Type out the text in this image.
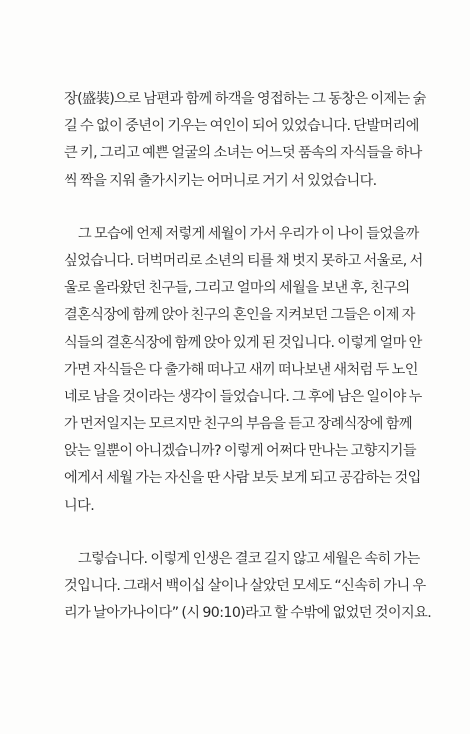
장(盛裝)으로 남편과 함께 하객을 영접하는 그 동창은 이제는 숡
길 수 없이 중년이 기우는 여인이 되어 있었습니다. 단발머리에
큰 키, 그리고 예쁜 얼굴의 소녀는 어느덧 품속의 자식들을 하나
씩 짝을 지워 출가시키는 어머니로 거기 서 있었습니다.
그 모습에 언제 저렇게 세월이 가서 우리가 이 나이 들었을까
싶었습니다. 더벅머리로 소년의 티를 채 벗지 못하고 서울로, 서
울로 올라왔던 친구들, 그리고 얼마의 세월을 보낸 후, 친구의
결혼식장에 함께 앉아 친구의 혼인을 지켜보던 그들은 이제 자
식들의 결혼식장에 함께 앉아 있게 된 것입니다. 이렇게 얼마 안
가면 자식들은 다 출가해 떠나고 새끼 떠나보낸 새처럼 두 노인
네로 남을 것이라는 생각이 들었습니다. 그 후에 남은 일이야 누
가 먼저일지는 모르지만 친구의 부음을 듣고 장례식장에 함께
앉는 일뿐이 아니겠습니까? 이렇게 어쩌다 만나는 고향지기들
에게서 세월 가는 자신을 딴 사람 보듯 보게 되고 공감하는 것입
니다.
그렇습니다. 이렇게 인생은 결코 길지 않고 세월은 속히 가는
것입니다. 그래서 백이십 살이나 살았던 모세도 “신속히 가니 우
리가 날아가나이다” (시 90:10)라고 할 수밖에 없었던 것이지요.
